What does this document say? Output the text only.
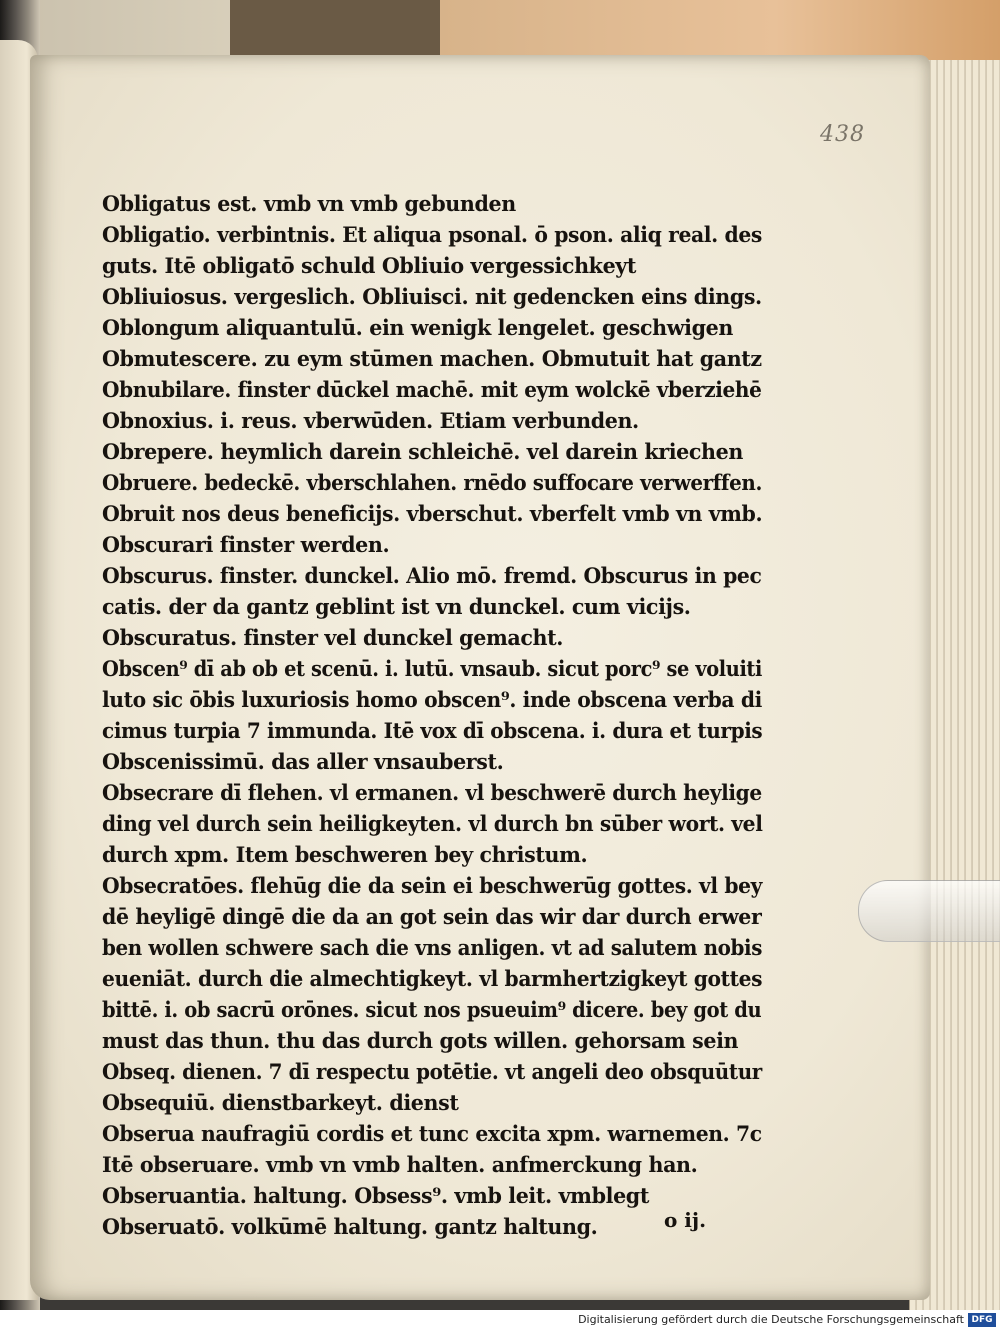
438
Obligatus est. vmb vn vmb gebunden
Obligatio. verbintnis. Et aliqua psonal. ō pson. aliq real. des
guts. Itē obligatō schuld Obliuio vergessichkeyt
Obliuiosus. vergeslich. Obliuisci. nit gedencken eins dings.
Oblongum aliquantulū. ein wenigk lengelet. geschwigen
Obmutescere. zu eym stūmen machen. Obmutuit hat gantz
Obnubilare. finster dūckel machē. mit eym wolckē vberziehē
Obnoxius. i. reus. vberwūden. Etiam verbunden.
Obrepere. heymlich darein schleichē. vel darein kriechen
Obruere. bedeckē. vberschlahen. rnēdo suffocare verwerffen.
Obruit nos deus beneficijs. vberschut. vberfelt vmb vn vmb.
Obscurari finster werden.
Obscurus. finster. dunckel. Alio mō. fremd. Obscurus in pec
catis. der da gantz geblint ist vn dunckel. cum vicijs.
Obscuratus. finster vel dunckel gemacht.
Obscen⁹ dī ab ob et scenū. i. lutū. vnsaub. sicut porc⁹ se voluiti
luto sic ōbis luxuriosis homo obscen⁹. inde obscena verba di
cimus turpia 7 immunda. Itē vox dī obscena. i. dura et turpis
Obscenissimū. das aller vnsauberst.
Obsecrare dī flehen. vl ermanen. vl beschwerē durch heylige
ding vel durch sein heiligkeyten. vl durch bn sūber wort. vel
durch xpm. Item beschweren bey christum.
Obsecratōes. flehūg die da sein ei beschwerūg gottes. vl bey
dē heyligē dingē die da an got sein das wir dar durch erwer
ben wollen schwere sach die vns anligen. vt ad salutem nobis
eueniāt. durch die almechtigkeyt. vl barmhertzigkeyt gottes
bittē. i. ob sacrū orōnes. sicut nos psueuim⁹ dicere. bey got du
must das thun. thu das durch gots willen. gehorsam sein
Obseq. dienen. 7 dī respectu potētie. vt angeli deo obsquūtur
Obsequiū. dienstbarkeyt. dienst
Obserua naufragiū cordis et tunc excita xpm. warnemen. 7c
Itē obseruare. vmb vn vmb halten. anfmerckung han.
Obseruantia. haltung. Obsess⁹. vmb leit. vmblegt
Obseruatō. volkūmē haltung. gantz haltung.	o ij.
Digitalisierung gefördert durch die Deutsche Forschungsgemeinschaft DFG
